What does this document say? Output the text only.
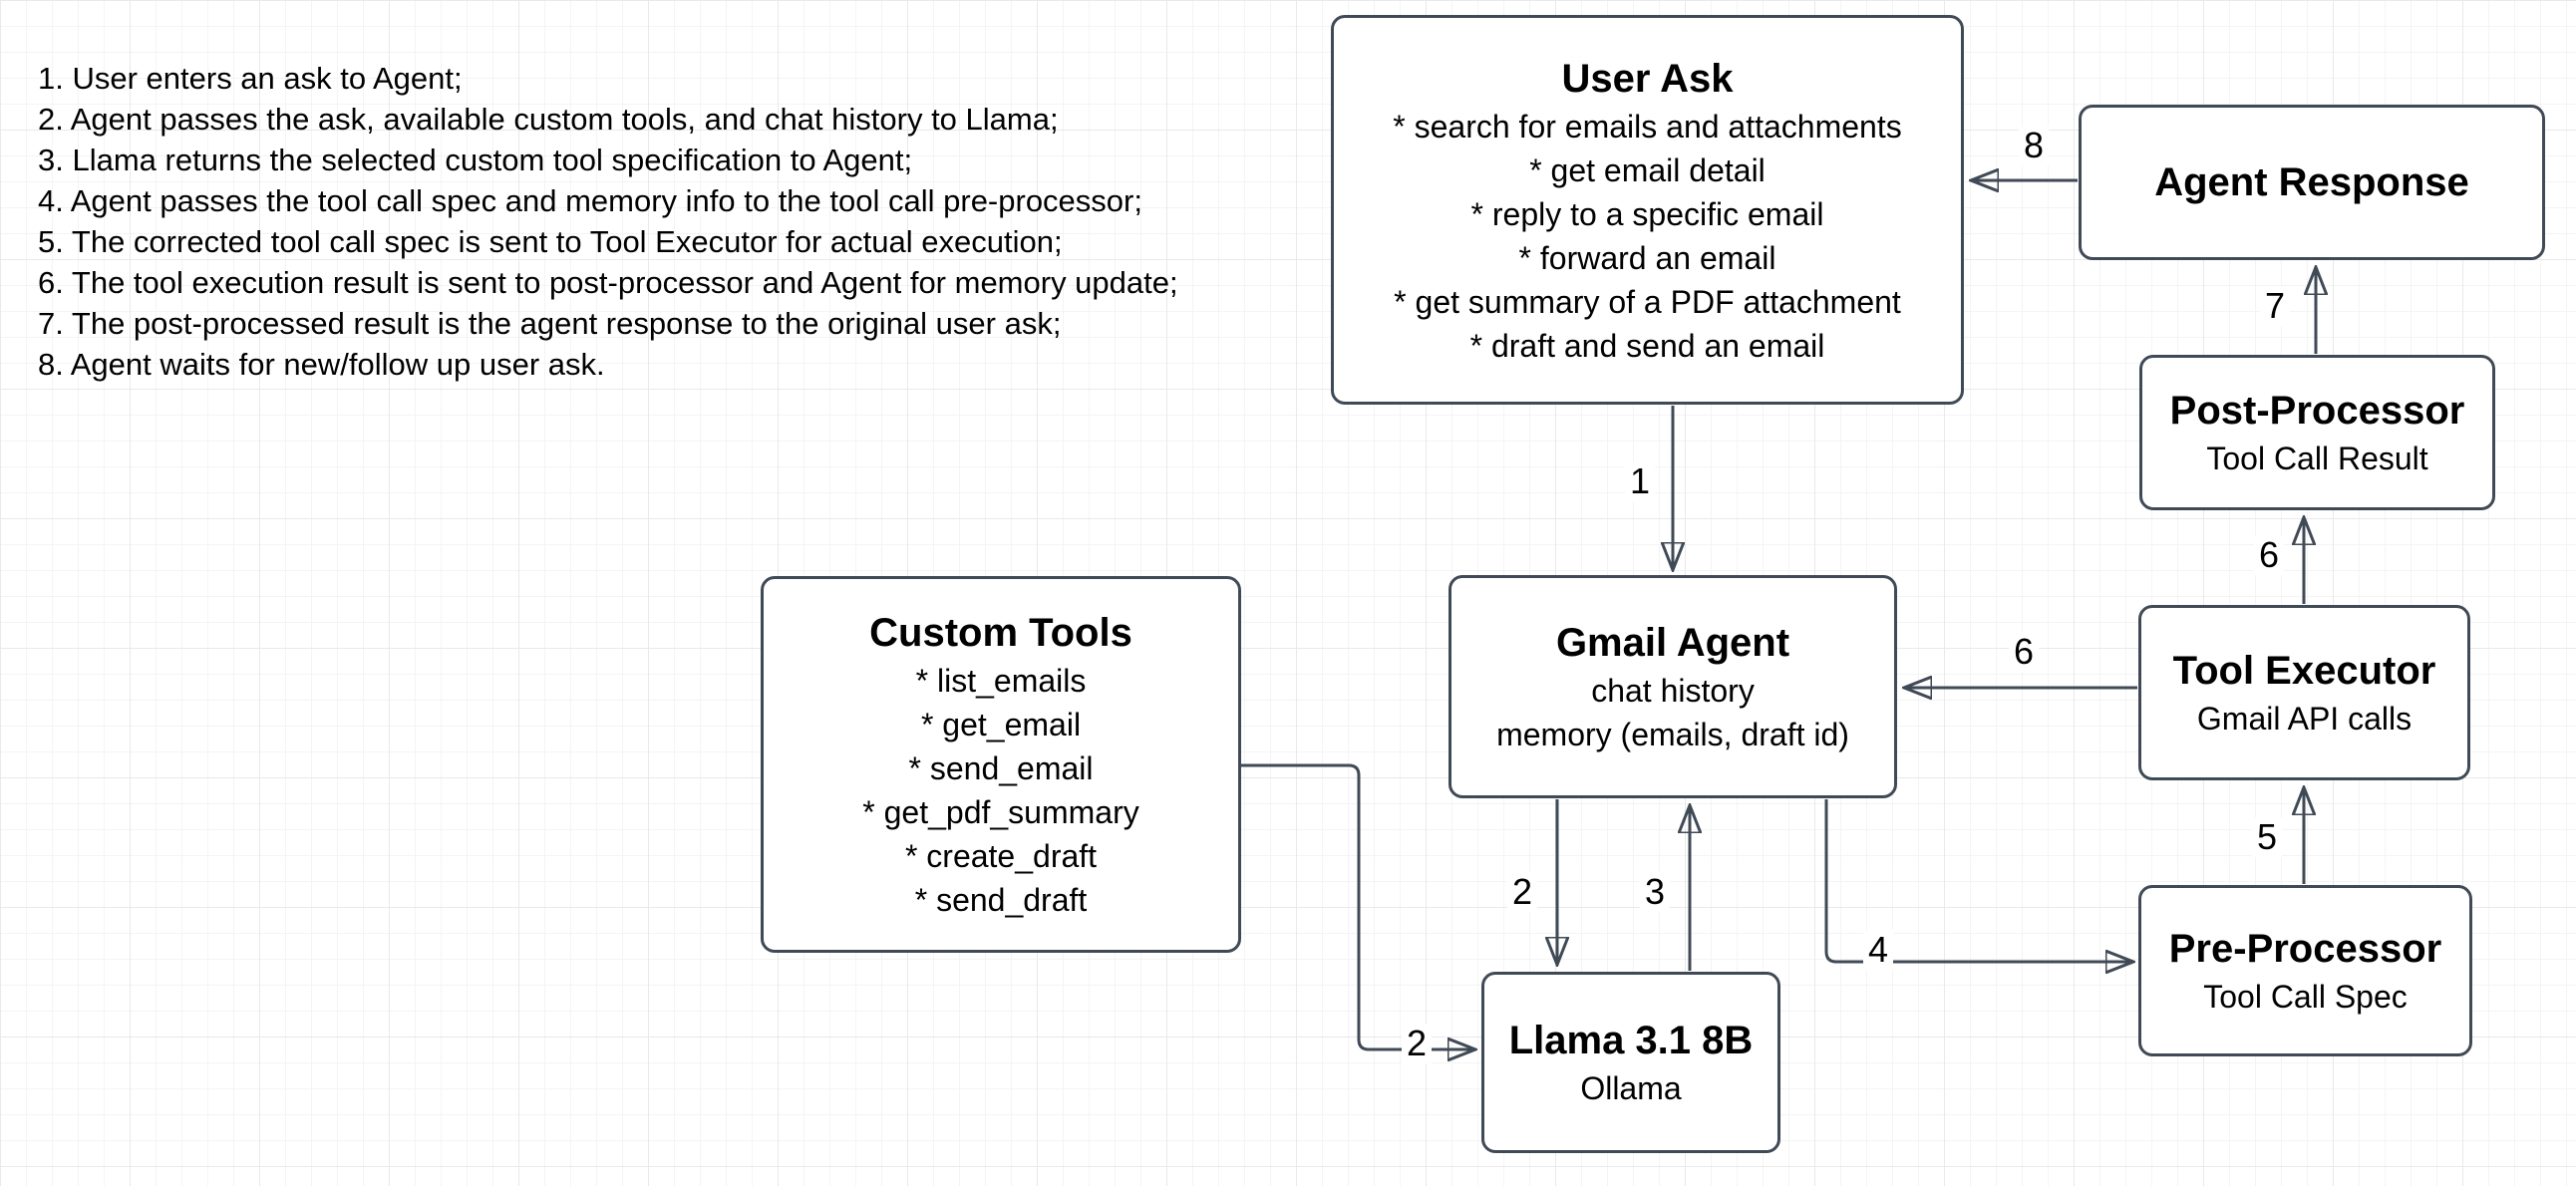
1. User enters an ask to Agent;
2. Agent passes the ask, available custom tools, and chat history to Llama;
3. Llama returns the selected custom tool specification to Agent;
4. Agent passes the tool call spec and memory info to the tool call pre-processor;
5. The corrected tool call spec is sent to Tool Executor for actual execution;
6. The tool execution result is sent to post-processor and Agent for memory update;
7. The post-processed result is the agent response to the original user ask;
8. Agent waits for new/follow up user ask.
User Ask
* search for emails and attachments
* get email detail
* reply to a specific email
* forward an email
* get summary of a PDF attachment
* draft and send an email
Agent Response
Post-Processor
Tool Call Result
Tool Executor
Gmail API calls
Pre-Processor
Tool Call Spec
Gmail Agent
chat history
memory (emails, draft id)
Custom Tools
* list_emails
* get_email
* send_email
* get_pdf_summary
* create_draft
* send_draft
Llama 3.1 8B
Ollama
1
2	3
2
4
5
6
6
7
8
